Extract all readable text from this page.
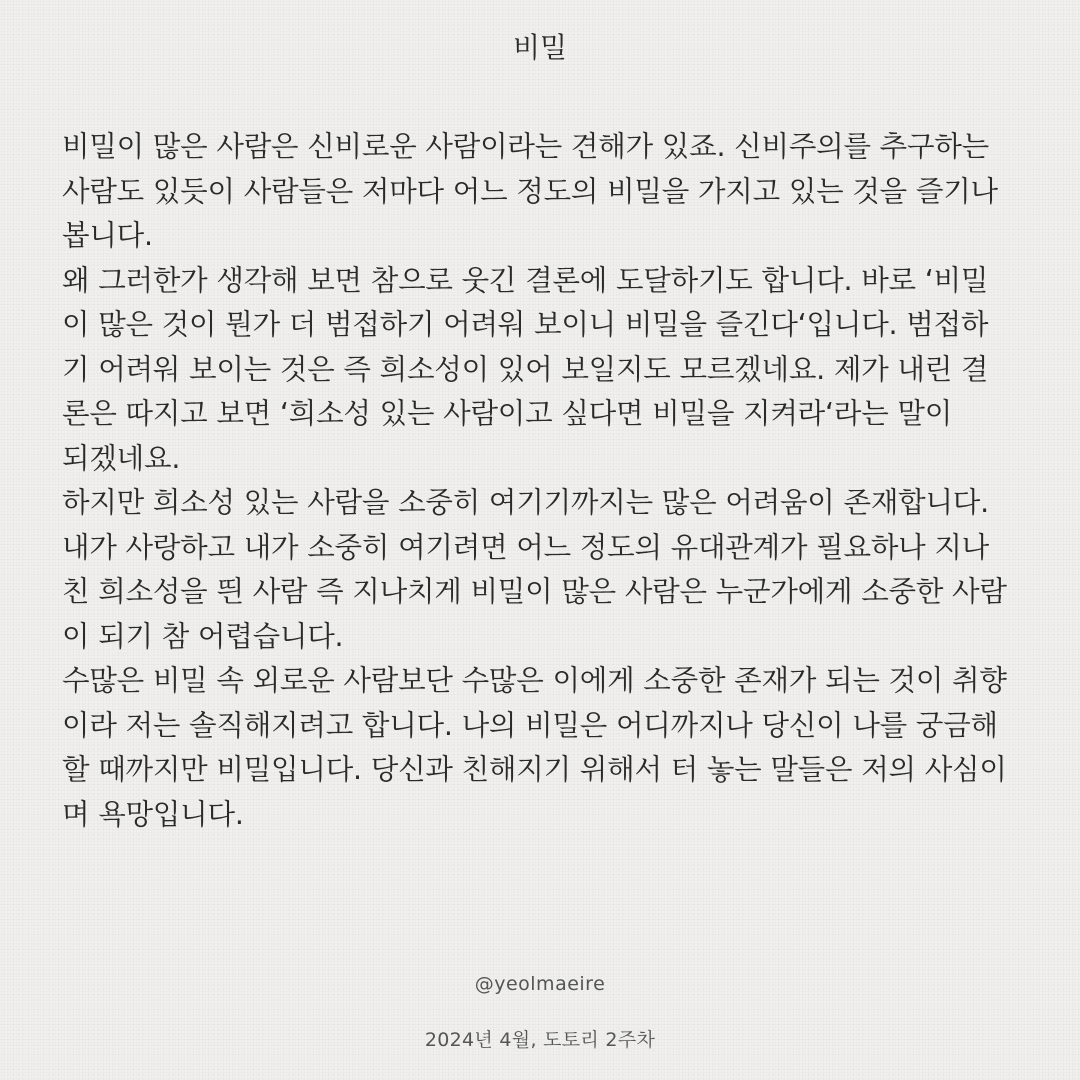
비밀

비밀이 많은 사람은 신비로운 사람이라는 견해가 있죠. 신비주의를 추구하는
사람도 있듯이 사람들은 저마다 어느 정도의 비밀을 가지고 있는 것을 즐기나
봅니다.

왜 그러한가 생각해 보면 참으로 웃긴 결론에 도달하기도 합니다. 바로 ‘비밀
이 많은 것이 뭔가 더 범접하기 어려워 보이니 비밀을 즐긴다‘입니다. 범접하
기 어려워 보이는 것은 즉 희소성이 있어 보일지도 모르겠네요. 제가 내린 결
론은 따지고 보면 ‘희소성 있는 사람이고 싶다면 비밀을 지켜라‘라는 말이
되겠네요.

하지만 희소성 있는 사람을 소중히 여기기까지는 많은 어려움이 존재합니다.
내가 사랑하고 내가 소중히 여기려면 어느 정도의 유대관계가 필요하나 지나
친 희소성을 띈 사람 즉 지나치게 비밀이 많은 사람은 누군가에게 소중한 사람
이 되기 참 어렵습니다.

수많은 비밀 속 외로운 사람보단 수많은 이에게 소중한 존재가 되는 것이 취향
이라 저는 솔직해지려고 합니다. 나의 비밀은 어디까지나 당신이 나를 궁금해
할 때까지만 비밀입니다. 당신과 친해지기 위해서 터 놓는 말들은 저의 사심이
며 욕망입니다.

@yeolmaeire
2024년 4월, 도토리 2주차
